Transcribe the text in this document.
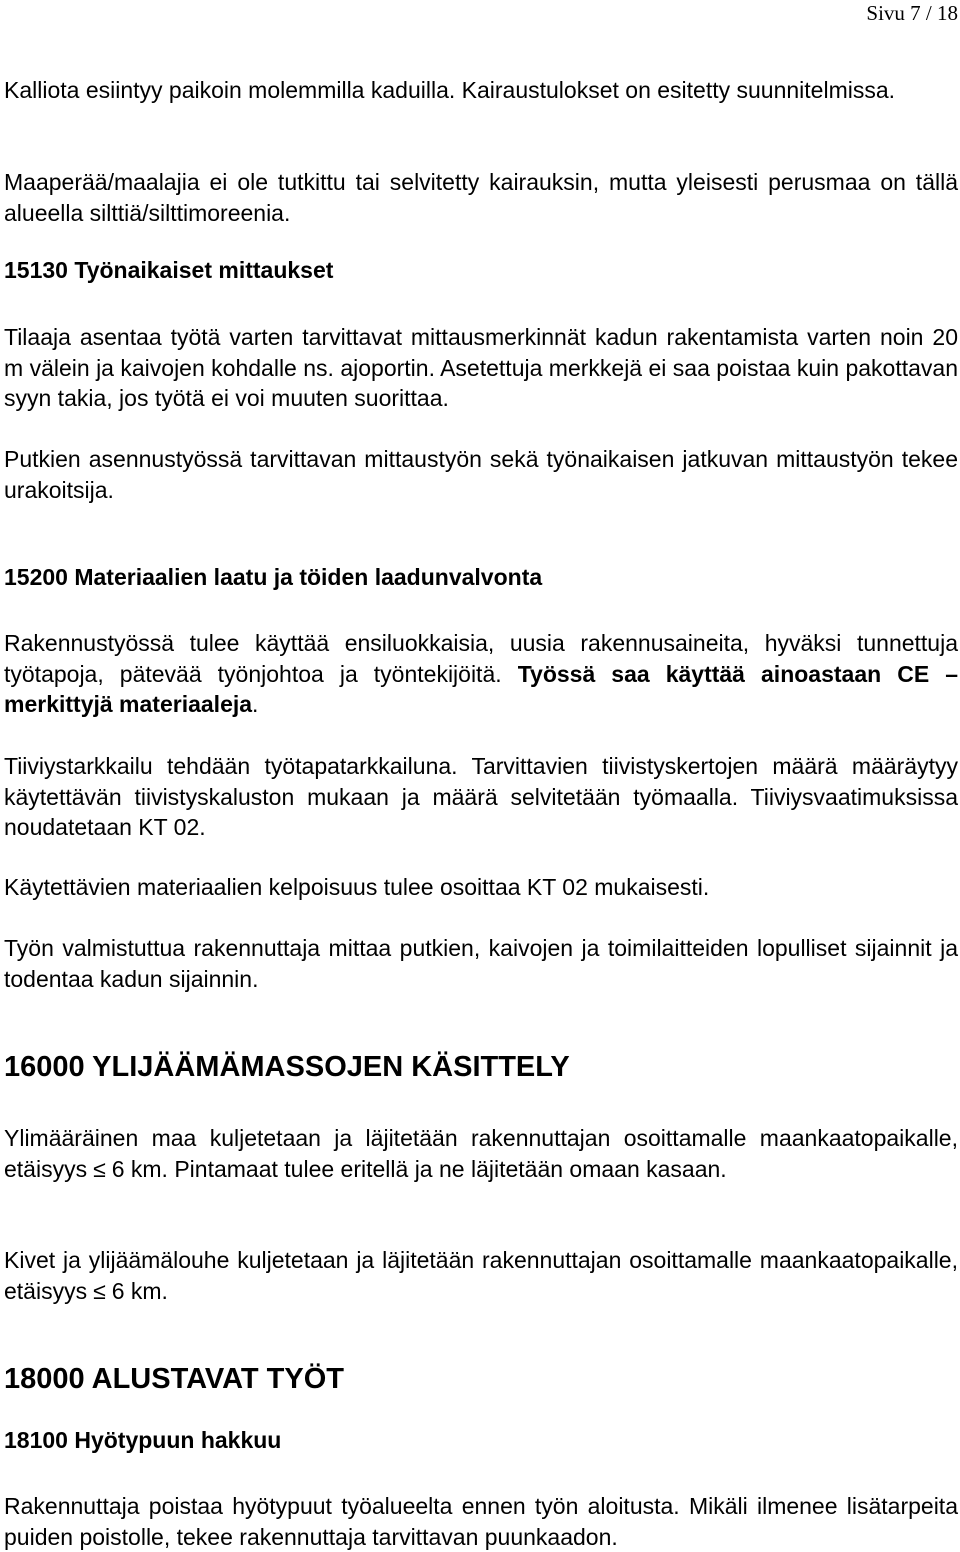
Sivu 7 / 18

Kalliota esiintyy paikoin molemmilla kaduilla. Kairaustulokset on esitetty suunnitelmissa.

Maaperää/maalajia ei ole tutkittu tai selvitetty kairauksin, mutta yleisesti perusmaa on tällä alueella silttiä/silttimoreenia.

15130 Työnaikaiset mittaukset

Tilaaja asentaa työtä varten tarvittavat mittausmerkinnät kadun rakentamista varten noin 20 m välein ja kaivojen kohdalle ns. ajoportin. Asetettuja merkkejä ei saa poistaa kuin pakottavan syyn takia, jos työtä ei voi muuten suorittaa.

Putkien asennustyössä tarvittavan mittaustyön sekä työnaikaisen jatkuvan mittaustyön tekee urakoitsija.

15200 Materiaalien laatu ja töiden laadunvalvonta

Rakennustyössä tulee käyttää ensiluokkaisia, uusia rakennusaineita, hyväksi tunnettuja työtapoja, pätevää työnjohtoa ja työntekijöitä. Työssä saa käyttää ainoastaan CE – merkittyjä materiaaleja.

Tiiviystarkkailu tehdään työtapatarkkailuna. Tarvittavien tiivistyskertojen määrä määräytyy käytettävän tiivistyskaluston mukaan ja määrä selvitetään työmaalla. Tiiviysvaatimuksissa noudatetaan KT 02.

Käytettävien materiaalien kelpoisuus tulee osoittaa KT 02 mukaisesti.

Työn valmistuttua rakennuttaja mittaa putkien, kaivojen ja toimilaitteiden lopulliset sijainnit ja todentaa kadun sijainnin.

16000 YLIJÄÄMÄMASSOJEN KÄSITTELY

Ylimääräinen maa kuljetetaan ja läjitetään rakennuttajan osoittamalle maankaatopaikalle, etäisyys ≤ 6 km. Pintamaat tulee eritellä ja ne läjitetään omaan kasaan.

Kivet ja ylijäämälouhe kuljetetaan ja läjitetään rakennuttajan osoittamalle maankaatopaikalle, etäisyys ≤ 6 km.

18000 ALUSTAVAT TYÖT
18100 Hyötypuun hakkuu

Rakennuttaja poistaa hyötypuut työalueelta ennen työn aloitusta. Mikäli ilmenee lisätarpeita puiden poistolle, tekee rakennuttaja tarvittavan puunkaadon.
